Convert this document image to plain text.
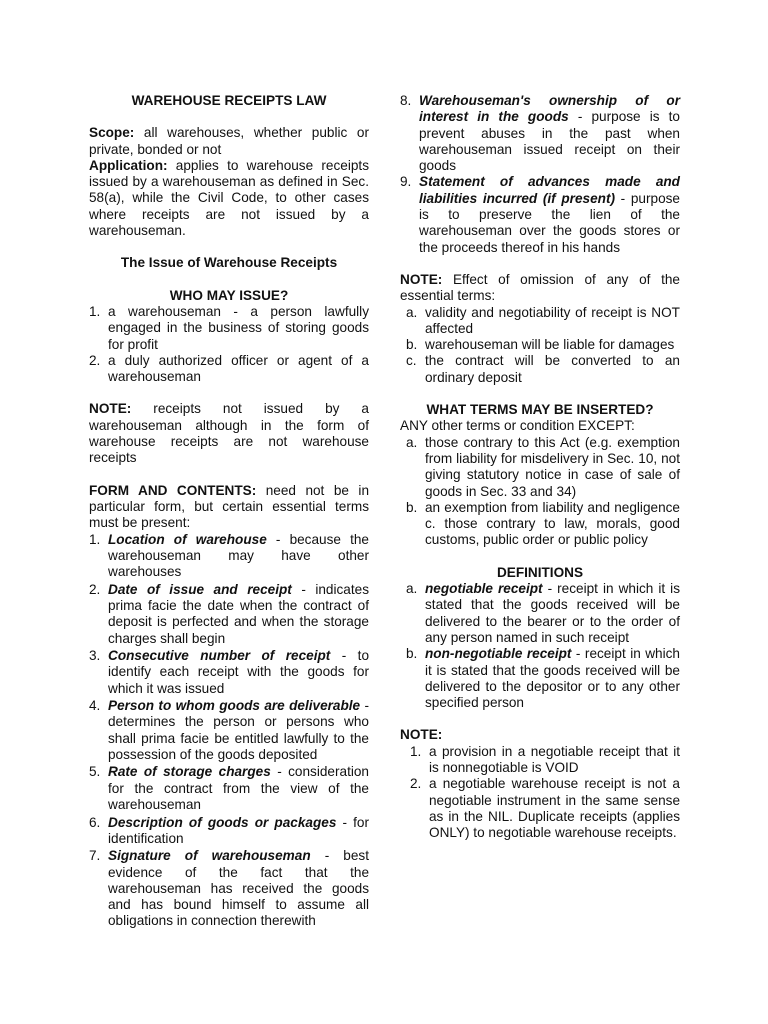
WAREHOUSE RECEIPTS LAW

Scope: all warehouses, whether public or private, bonded or not

Application: applies to warehouse receipts issued by a warehouseman as defined in Sec. 58(a), while the Civil Code, to other cases where receipts are not issued by a warehouseman.

The Issue of Warehouse Receipts
WHO MAY ISSUE?
1. a warehouseman - a person lawfully engaged in the business of storing goods for profit
2. a duly authorized officer or agent of a warehouseman

NOTE: receipts not issued by a warehouseman although in the form of warehouse receipts are not warehouse receipts

FORM AND CONTENTS: need not be in particular form, but certain essential terms must be present:

1. Location of warehouse - because the warehouseman may have other warehouses
2. Date of issue and receipt - indicates prima facie the date when the contract of deposit is perfected and when the storage charges shall begin
3. Consecutive number of receipt - to identify each receipt with the goods for which it was issued
4. Person to whom goods are deliverable - determines the person or persons who shall prima facie be entitled lawfully to the possession of the goods deposited
5. Rate of storage charges - consideration for the contract from the view of the warehouseman
6. Description of goods or packages - for identification
7. Signature of warehouseman - best evidence of the fact that the warehouseman has received the goods and has bound himself to assume all obligations in connection therewith
8. Warehouseman's ownership of or interest in the goods - purpose is to prevent abuses in the past when warehouseman issued receipt on their goods
9. Statement of advances made and liabilities incurred (if present) - purpose is to preserve the lien of the warehouseman over the goods stores or the proceeds thereof in his hands

NOTE: Effect of omission of any of the essential terms:

a. validity and negotiability of receipt is NOT affected
b. warehouseman will be liable for damages
c. the contract will be converted to an ordinary deposit
WHAT TERMS MAY BE INSERTED?

ANY other terms or condition EXCEPT:

a. those contrary to this Act (e.g. exemption from liability for misdelivery in Sec. 10, not giving statutory notice in case of sale of goods in Sec. 33 and 34)
b. an exemption from liability and negligence c. those contrary to law, morals, good customs, public order or public policy
DEFINITIONS
a. negotiable receipt - receipt in which it is stated that the goods received will be delivered to the bearer or to the order of any person named in such receipt
b. non-negotiable receipt - receipt in which it is stated that the goods received will be delivered to the depositor or to any other specified person

NOTE:

1. a provision in a negotiable receipt that it is nonnegotiable is VOID
2. a negotiable warehouse receipt is not a negotiable instrument in the same sense as in the NIL. Duplicate receipts (applies ONLY) to negotiable warehouse receipts.
